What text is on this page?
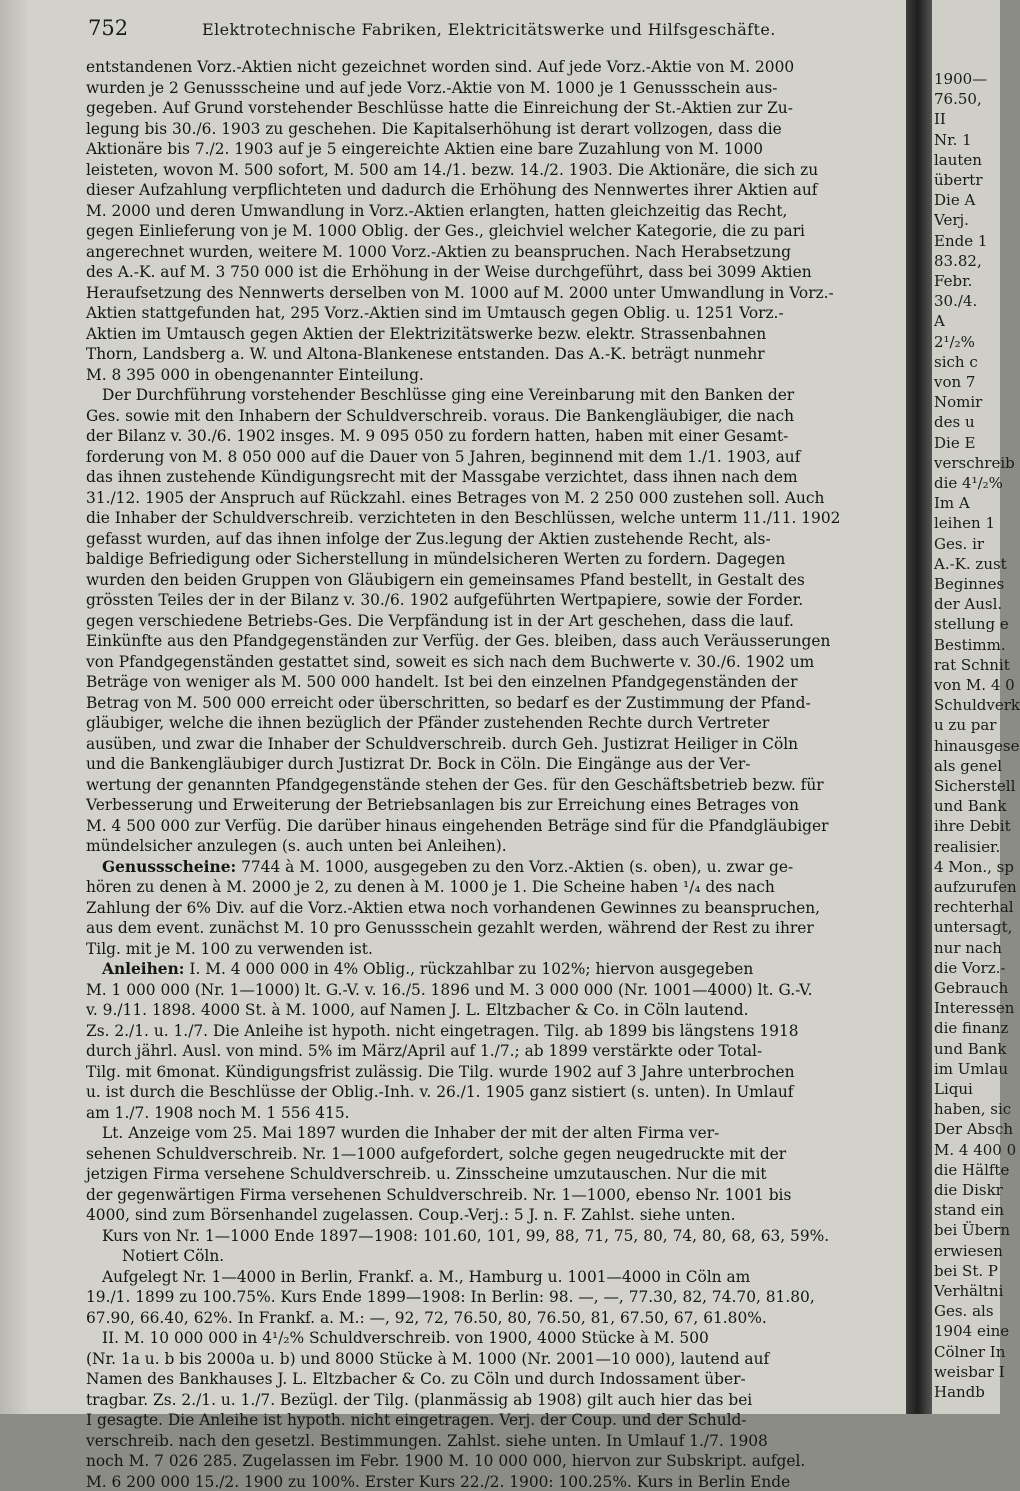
752	Elektrotechnische Fabriken, Elektricitätswerke und Hilfsgeschäfte.
entstandenen Vorz.-Aktien nicht gezeichnet worden sind. Auf jede Vorz.-Aktie von M. 2000
wurden je 2 Genussscheine und auf jede Vorz.-Aktie von M. 1000 je 1 Genussschein aus-
gegeben. Auf Grund vorstehender Beschlüsse hatte die Einreichung der St.-Aktien zur Zu-
legung bis 30./6. 1903 zu geschehen. Die Kapitalserhöhung ist derart vollzogen, dass die
Aktionäre bis 7./2. 1903 auf je 5 eingereichte Aktien eine bare Zuzahlung von M. 1000
leisteten, wovon M. 500 sofort, M. 500 am 14./1. bezw. 14./2. 1903. Die Aktionäre, die sich zu
dieser Aufzahlung verpflichteten und dadurch die Erhöhung des Nennwertes ihrer Aktien auf
M. 2000 und deren Umwandlung in Vorz.-Aktien erlangten, hatten gleichzeitig das Recht,
gegen Einlieferung von je M. 1000 Oblig. der Ges., gleichviel welcher Kategorie, die zu pari
angerechnet wurden, weitere M. 1000 Vorz.-Aktien zu beanspruchen. Nach Herabsetzung
des A.-K. auf M. 3 750 000 ist die Erhöhung in der Weise durchgeführt, dass bei 3099 Aktien
Heraufsetzung des Nennwerts derselben von M. 1000 auf M. 2000 unter Umwandlung in Vorz.-
Aktien stattgefunden hat, 295 Vorz.-Aktien sind im Umtausch gegen Oblig. u. 1251 Vorz.-
Aktien im Umtausch gegen Aktien der Elektrizitätswerke bezw. elektr. Strassenbahnen
Thorn, Landsberg a. W. und Altona-Blankenese entstanden. Das A.-K. beträgt nunmehr
M. 8 395 000 in obengenannter Einteilung.
Der Durchführung vorstehender Beschlüsse ging eine Vereinbarung mit den Banken der
Ges. sowie mit den Inhabern der Schuldverschreib. voraus. Die Bankengläubiger, die nach
der Bilanz v. 30./6. 1902 insges. M. 9 095 050 zu fordern hatten, haben mit einer Gesamt-
forderung von M. 8 050 000 auf die Dauer von 5 Jahren, beginnend mit dem 1./1. 1903, auf
das ihnen zustehende Kündigungsrecht mit der Massgabe verzichtet, dass ihnen nach dem
31./12. 1905 der Anspruch auf Rückzahl. eines Betrages von M. 2 250 000 zustehen soll. Auch
die Inhaber der Schuldverschreib. verzichteten in den Beschlüssen, welche unterm 11./11. 1902
gefasst wurden, auf das ihnen infolge der Zus.legung der Aktien zustehende Recht, als-
baldige Befriedigung oder Sicherstellung in mündelsicheren Werten zu fordern. Dagegen
wurden den beiden Gruppen von Gläubigern ein gemeinsames Pfand bestellt, in Gestalt des
grössten Teiles der in der Bilanz v. 30./6. 1902 aufgeführten Wertpapiere, sowie der Forder.
gegen verschiedene Betriebs-Ges. Die Verpfändung ist in der Art geschehen, dass die lauf.
Einkünfte aus den Pfandgegenständen zur Verfüg. der Ges. bleiben, dass auch Veräusserungen
von Pfandgegenständen gestattet sind, soweit es sich nach dem Buchwerte v. 30./6. 1902 um
Beträge von weniger als M. 500 000 handelt. Ist bei den einzelnen Pfandgegenständen der
Betrag von M. 500 000 erreicht oder überschritten, so bedarf es der Zustimmung der Pfand-
gläubiger, welche die ihnen bezüglich der Pfänder zustehenden Rechte durch Vertreter
ausüben, und zwar die Inhaber der Schuldverschreib. durch Geh. Justizrat Heiliger in Cöln
und die Bankengläubiger durch Justizrat Dr. Bock in Cöln. Die Eingänge aus der Ver-
wertung der genannten Pfandgegenstände stehen der Ges. für den Geschäftsbetrieb bezw. für
Verbesserung und Erweiterung der Betriebsanlagen bis zur Erreichung eines Betrages von
M. 4 500 000 zur Verfüg. Die darüber hinaus eingehenden Beträge sind für die Pfandgläubiger
mündelsicher anzulegen (s. auch unten bei Anleihen).
Genussscheine: 7744 à M. 1000, ausgegeben zu den Vorz.-Aktien (s. oben), u. zwar ge-
hören zu denen à M. 2000 je 2, zu denen à M. 1000 je 1. Die Scheine haben ¹/₄ des nach
Zahlung der 6% Div. auf die Vorz.-Aktien etwa noch vorhandenen Gewinnes zu beanspruchen,
aus dem event. zunächst M. 10 pro Genussschein gezahlt werden, während der Rest zu ihrer
Tilg. mit je M. 100 zu verwenden ist.
Anleihen: I. M. 4 000 000 in 4% Oblig., rückzahlbar zu 102%; hiervon ausgegeben
M. 1 000 000 (Nr. 1—1000) lt. G.-V. v. 16./5. 1896 und M. 3 000 000 (Nr. 1001—4000) lt. G.-V.
v. 9./11. 1898. 4000 St. à M. 1000, auf Namen J. L. Eltzbacher & Co. in Cöln lautend.
Zs. 2./1. u. 1./7. Die Anleihe ist hypoth. nicht eingetragen. Tilg. ab 1899 bis längstens 1918
durch jährl. Ausl. von mind. 5% im März/April auf 1./7.; ab 1899 verstärkte oder Total-
Tilg. mit 6monat. Kündigungsfrist zulässig. Die Tilg. wurde 1902 auf 3 Jahre unterbrochen
u. ist durch die Beschlüsse der Oblig.-Inh. v. 26./1. 1905 ganz sistiert (s. unten). In Umlauf
am 1./7. 1908 noch M. 1 556 415.
Lt. Anzeige vom 25. Mai 1897 wurden die Inhaber der mit der alten Firma ver-
sehenen Schuldverschreib. Nr. 1—1000 aufgefordert, solche gegen neugedruckte mit der
jetzigen Firma versehene Schuldverschreib. u. Zinsscheine umzutauschen. Nur die mit
der gegenwärtigen Firma versehenen Schuldverschreib. Nr. 1—1000, ebenso Nr. 1001 bis
4000, sind zum Börsenhandel zugelassen. Coup.-Verj.: 5 J. n. F. Zahlst. siehe unten.
Kurs von Nr. 1—1000 Ende 1897—1908: 101.60, 101, 99, 88, 71, 75, 80, 74, 80, 68, 63, 59%.
Notiert Cöln.
Aufgelegt Nr. 1—4000 in Berlin, Frankf. a. M., Hamburg u. 1001—4000 in Cöln am
19./1. 1899 zu 100.75%. Kurs Ende 1899—1908: In Berlin: 98. —, —, 77.30, 82, 74.70, 81.80,
67.90, 66.40, 62%. In Frankf. a. M.: —, 92, 72, 76.50, 80, 76.50, 81, 67.50, 67, 61.80%.
II. M. 10 000 000 in 4¹/₂% Schuldverschreib. von 1900, 4000 Stücke à M. 500
(Nr. 1a u. b bis 2000a u. b) und 8000 Stücke à M. 1000 (Nr. 2001—10 000), lautend auf
Namen des Bankhauses J. L. Eltzbacher & Co. zu Cöln und durch Indossament über-
tragbar. Zs. 2./1. u. 1./7. Bezügl. der Tilg. (planmässig ab 1908) gilt auch hier das bei
I gesagte. Die Anleihe ist hypoth. nicht eingetragen. Verj. der Coup. und der Schuld-
verschreib. nach den gesetzl. Bestimmungen. Zahlst. siehe unten. In Umlauf 1./7. 1908
noch M. 7 026 285. Zugelassen im Febr. 1900 M. 10 000 000, hiervon zur Subskript. aufgel.
M. 6 200 000 15./2. 1900 zu 100%. Erster Kurs 22./2. 1900: 100.25%. Kurs in Berlin Ende
1900—
76.50,
II
Nr. 1
lauten
übertr
Die A
Verj.
Ende 1
83.82,
Febr.
30./4.
A
2¹/₂%
sich c
von 7
Nomir
des u
Die E
verschreib
die 4¹/₂%
Im A
leihen 1
Ges. ir
A.-K. zust
Beginnes
der Ausl.
stellung e
Bestimm.
rat Schnit
von M. 4 0
Schuldverk
u zu par
hinausgese
als genel
Sicherstell
und Bank
ihre Debit
realisier.
4 Mon., sp
aufzurufen
rechterhal
untersagt,
nur nach
die Vorz.-
Gebrauch
Interessen
die finanz
und Bank
im Umlau
Liqui
haben, sic
Der Absch
M. 4 400 0
die Hälfte
die Diskr
stand ein
bei Übern
erwiesen
bei St. P
Verhältni
Ges. als
1904 eine
Cölner In
weisbar I
Handb
